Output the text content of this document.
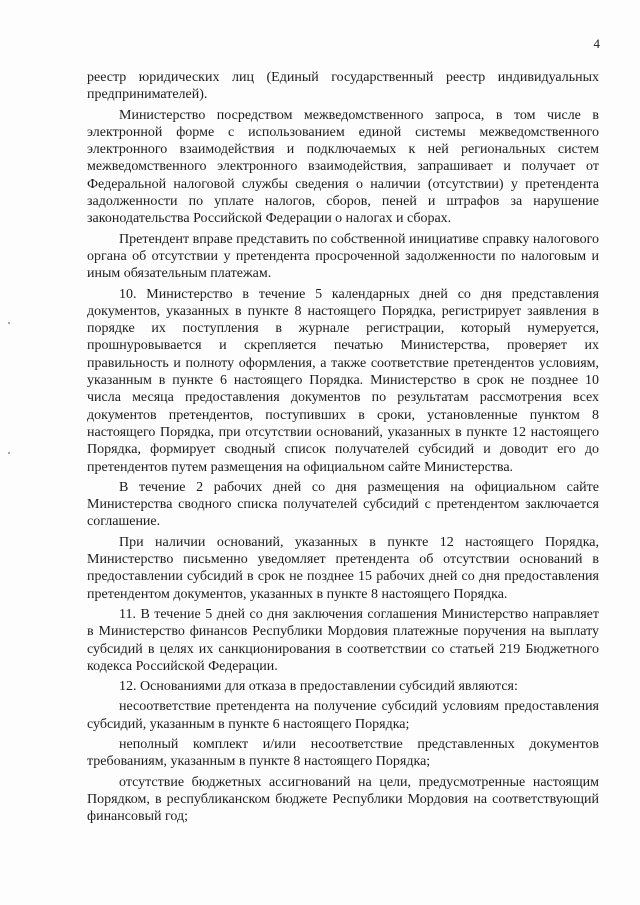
4

реестр юридических лиц (Единый государственный реестр индивидуальных предпринимателей).

Министерство посредством межведомственного запроса, в том числе в электронной форме с использованием единой системы межведомственного электронного взаимодействия и подключаемых к ней региональных систем межведомственного электронного взаимодействия, запрашивает и получает от Федеральной налоговой службы сведения о наличии (отсутствии) у претендента задолженности по уплате налогов, сборов, пеней и штрафов за нарушение законодательства Российской Федерации о налогах и сборах.

Претендент вправе представить по собственной инициативе справку налогового органа об отсутствии у претендента просроченной задолженности по налоговым и иным обязательным платежам.

10. Министерство в течение 5 календарных дней со дня представления документов, указанных в пункте 8 настоящего Порядка, регистрирует заявления в порядке их поступления в журнале регистрации, который нумеруется, прошнуровывается и скрепляется печатью Министерства, проверяет их правильность и полноту оформления, а также соответствие претендентов условиям, указанным в пункте 6 настоящего Порядка. Министерство в срок не позднее 10 числа месяца предоставления документов по результатам рассмотрения всех документов претендентов, поступивших в сроки, установленные пунктом 8 настоящего Порядка, при отсутствии оснований, указанных в пункте 12 настоящего Порядка, формирует сводный список получателей субсидий и доводит его до претендентов путем размещения на официальном сайте Министерства.

В течение 2 рабочих дней со дня размещения на официальном сайте Министерства сводного списка получателей субсидий с претендентом заключается соглашение.

При наличии оснований, указанных в пункте 12 настоящего Порядка, Министерство письменно уведомляет претендента об отсутствии оснований в предоставлении субсидий в срок не позднее 15 рабочих дней со дня предоставления претендентом документов, указанных в пункте 8 настоящего Порядка.

11. В течение 5 дней со дня заключения соглашения Министерство направляет в Министерство финансов Республики Мордовия платежные поручения на выплату субсидий в целях их санкционирования в соответствии со статьей 219 Бюджетного кодекса Российской Федерации.

12. Основаниями для отказа в предоставлении субсидий являются:

несоответствие претендента на получение субсидий условиям предоставления субсидий, указанным в пункте 6 настоящего Порядка;

неполный комплект и/или несоответствие представленных документов требованиям, указанным в пункте 8 настоящего Порядка;

отсутствие бюджетных ассигнований на цели, предусмотренные настоящим Порядком, в республиканском бюджете Республики Мордовия на соответствующий финансовый год;
